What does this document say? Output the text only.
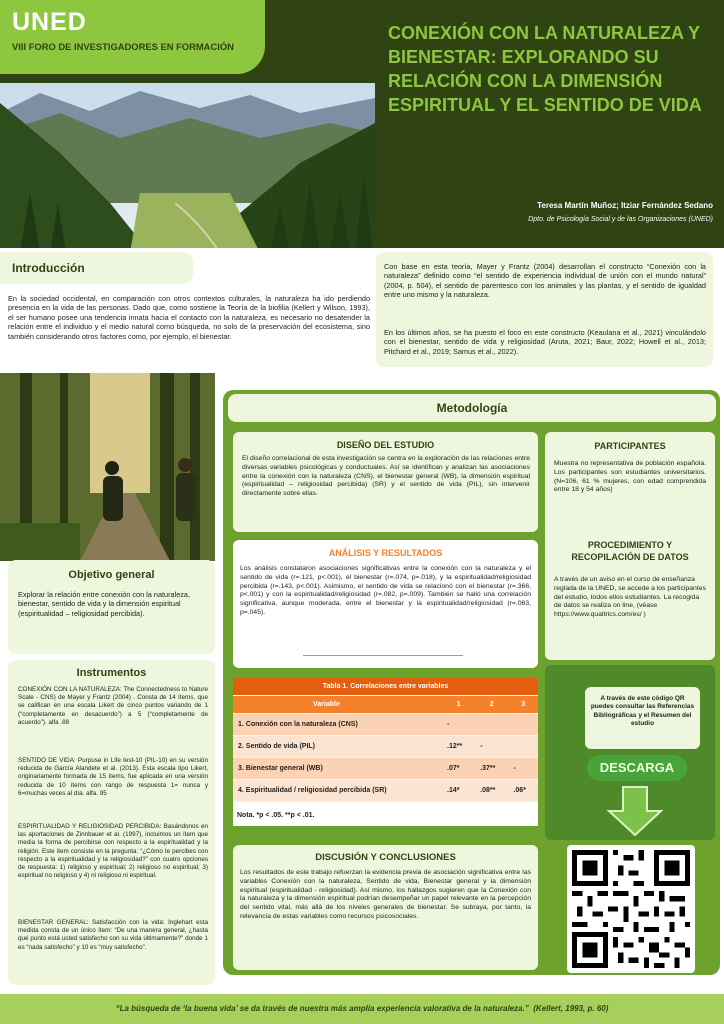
UNED
VIII FORO DE INVESTIGADORES EN FORMACIÓN
CONEXIÓN CON LA NATURALEZA Y BIENESTAR: EXPLORANDO SU RELACIÓN CON LA DIMENSIÓN ESPIRITUAL Y EL SENTIDO DE VIDA
Teresa Martín Muñoz; Itziar Fernández Sedano
Dpto. de Psicología Social y de las Organizaciones (UNED)
Introducción

En la sociedad occidental, en comparación con otros contextos culturales, la naturaleza ha ido perdiendo presencia en la vida de las personas. Dado que, como sostiene la Teoría de la biofilia (Kellert y Wilson, 1993), el ser humano posee una tendencia innata hacia el contacto con la naturaleza, es necesario no desatender la relación entre el individuo y el medio natural como búsqueda, no solo de la preservación del ecosistema, sino también considerando otros factores como, por ejemplo, el bienestar.

Con base en esta teoría, Mayer y Frantz (2004) desarrollan el constructo “Conexión con la naturaleza” definido como “el sentido de experiencia individual de unión con el mundo natural” (2004, p. 504), el sentido de parentesco con los animales y las plantas, y el sentido de igualdad entre uno mismo y la naturaleza.

En los últimos años, se ha puesto el foco en este constructo (Keaulana et al., 2021) vinculándolo con el bienestar, sentido de vida y religiosidad (Aruta, 2021; Baur, 2022; Howell et al., 2013; Pitchard et al., 2019; Samus et al., 2022).

Objetivo general

Explorar la relación entre conexión con la naturaleza, bienestar, sentido de vida y la dimensión espiritual (espiritualidad – religiosidad percibida).

Instrumentos

CONEXIÓN CON LA NATURALEZA: The Connectedness to Nature Scale - CNS) de Mayer y Frantz (2004) . Consta de 14 ítems, que se califican en una escala Likert de cinco puntos variando de 1 (“completamente en desacuerdo”) a 5 (“completamente de acuerdo”). alfa .88

SENTIDO DE VIDA: Purpuse in Life test-10 (PIL-10) en su versión reducida de García Alandete et al. (2013). Esta escala tipo Likert, originariamente formada de 15 ítems, fue aplicada en una versión reducida de 10 ítems con rango de respuesta 1= nunca y 6=muchas veces al día. alfa. 95

ESPIRITUALIDAD Y RELIGIOSIDAD PERCIBIDA: Basándonos en las aportaciones de Zinnbauer et al. (1997), incluimos un ítem que media la forma de percibirse con respecto a la espiritualidad y la religión. Este ítem consiste en la pregunta: “¿Cómo te percibes con respecto a la espiritualidad y la religiosidad?” con cuatro opciones de respuesta: 1) religioso y espiritual; 2) religioso no espiritual; 3) espiritual no religioso y 4) ni religioso ni espiritual.

BIENESTAR GENERAL: Satisfacción con la vida: Inglehart esta medida consta de un único ítem: “De una manera general, ¿hasta qué punto está usted satisfecho con su vida últimamente?” donde 1 es “nada satisfecho” y 10 es “muy satisfecho”.

Metodología
DISEÑO DEL ESTUDIO

El diseño correlacional de esta investigación se centra en la exploración de las relaciones entre diversas variables psicológicas y conductuales. Así se identifican y analizan las asociaciones entre la conexión con la naturaleza (CNS), el bienestar general (WB), la dimensión espiritual (espiritualidad – religiosidad percibida) (SR) y el sentido de vida (PIL), sin intervenir directamente sobre ellas.

PARTICIPANTES

Muestra no representativa de población española. Los participantes son estudiantes universitarios. (N=106, 61 % mujeres, con edad comprendida entre 18 y 54 años)

PROCEDIMIENTO Y RECOPILACIÓN DE DATOS

A través de un aviso en el curso de enseñanza reglada de la UNED, se accede a los participantes del estudio, todos ellos estudiantes. La recogida de datos se realiza on line, (véase https://www.qualtrics.com/es/ )

ANÁLISIS Y RESULTADOS

Los análisis constataron asociaciones significativas entre la conexión con la naturaleza y el sentido de vida (r=.121, p<.001), el bienestar (r=.074, p=.018), y la espiritualidad/religiosidad percibida (r=.143, p<.001). Asimismo, el sentido de vida se relacionó con el bienestar (r=.366, p<.001) y con la espiritualidad/religiosidad (r=.082, p=.009). También se halló una correlación significativa, aunque moderada, entre el bienestar y la espiritualidad/religiosidad (r=.063, p=.045).

Tabla 1. Correlaciones entre variables			
Variable	1	2	3
1. Conexión con la naturaleza (CNS)	-		
2. Sentido de vida (PIL)	.12**	-	
3. Bienestar general (WB)	.07*	.37**	-
4. Espiritualidad / religiosidad percibida (SR)	.14*	.08**	.06*
Nota. *p < .05. **p < .01.

A través de este código QR puedes consultar las Referencias Bibliográficas y el Resumen del estudio

DESCARGA
DISCUSIÓN Y CONCLUSIONES

Los resultados de este trabajo refuerzan la evidencia previa de asociación significativa entre las variables Conexión con la naturaleza, Sentido de vida, Bienestar general y la dimensión espiritual (espiritualidad - religiosidad). Así mismo, los hallazgos sugieren que la Conexión con la naturaleza y la dimensión espiritual podrían desempeñar un papel relevante en la percepción del sentido vital, más allá de los niveles generales de bienestar. Se subraya, por tanto, la relevancia de estas variables como recursos psicosociales.

“La búsqueda de ‘la buena vida’ se da través de nuestra más amplia experiencia valorativa de la naturaleza.” (Kellert, 1993, p. 60)
